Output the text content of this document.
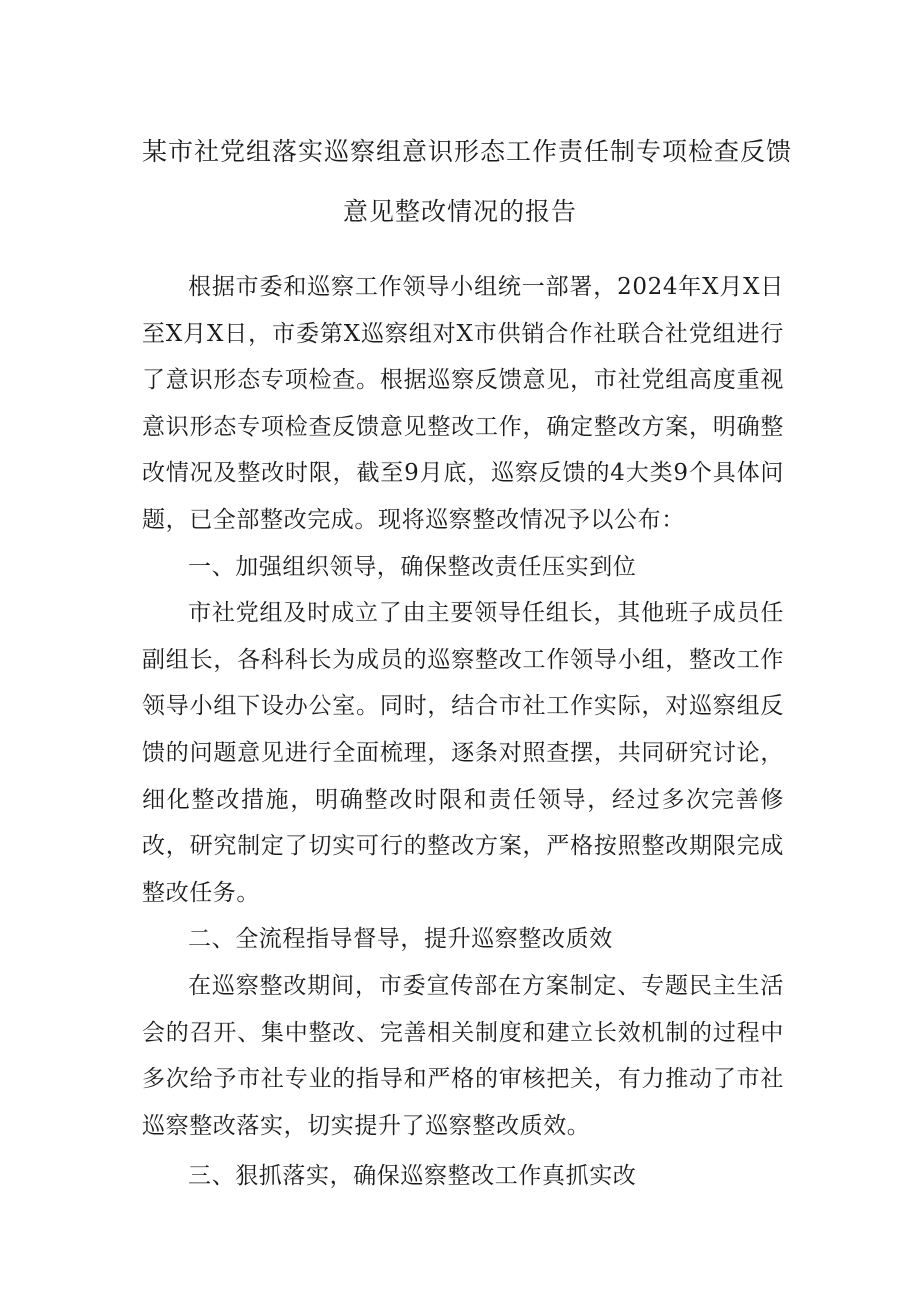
某市社党组落实巡察组意识形态工作责任制专项检查反馈
意见整改情况的报告

根据市委和巡察工作领导小组统一部署，2024年X月X日至X月X日，市委第X巡察组对X市供销合作社联合社党组进行了意识形态专项检查。根据巡察反馈意见，市社党组高度重视意识形态专项检查反馈意见整改工作，确定整改方案，明确整改情况及整改时限，截至9月底，巡察反馈的4大类9个具体问题，已全部整改完成。现将巡察整改情况予以公布：

一、加强组织领导，确保整改责任压实到位

市社党组及时成立了由主要领导任组长，其他班子成员任副组长，各科科长为成员的巡察整改工作领导小组，整改工作领导小组下设办公室。同时，结合市社工作实际，对巡察组反馈的问题意见进行全面梳理，逐条对照查摆，共同研究讨论，细化整改措施，明确整改时限和责任领导，经过多次完善修改，研究制定了切实可行的整改方案，严格按照整改期限完成整改任务。

二、全流程指导督导，提升巡察整改质效

在巡察整改期间，市委宣传部在方案制定、专题民主生活会的召开、集中整改、完善相关制度和建立长效机制的过程中多次给予市社专业的指导和严格的审核把关，有力推动了市社巡察整改落实，切实提升了巡察整改质效。

三、狠抓落实，确保巡察整改工作真抓实改
